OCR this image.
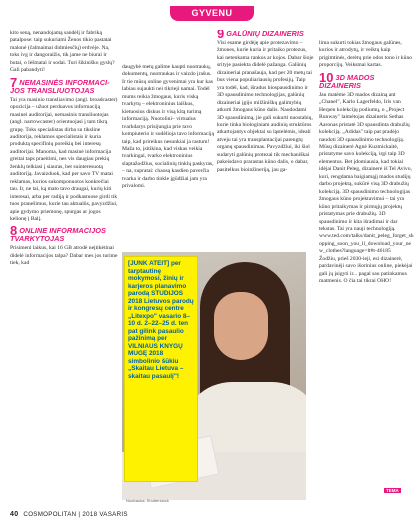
GYVENU

kito seną, nenandojamą sandėlį ir fabriką patalpose: taip sukuriami Ženos tikio pastatai malonė (čalmaimai didmiesčių) erdvėje. Na, toks ivg ir dangoraižis, tik jame ne biurai ir butai, o lėšmatai ir sodai. Turi šikiniško gyslų? Gali pabandyti!

7 NEMASINĖS INFORMACI-JOS TRANSLIUOTOJAS

Tai yra masinio transliavimo (angl. broadcaster) opozicija – užuot perduavus informaciją masinei auditorijai, nemasinis transliuotojas (angl. narrowcaster) orientuojasi į tam tikrą grupę. Toks specialistas dirba su tiksline auditorija, reklamos specialistais ir kuria produktą specifinių poreikių bei interesų auditorijai. Manoma, kad masinė informacija greitai taps praeitimi, nes vis daugiau prekių ženklų telkiasi į siauras, bet suinteresuotą auditoriją. Javaizduok, kad per savo TV matai reklamas, kurios sukomponuotos konkrečiai tau. Ir, ne tai, ką mato tavo draugai, kurių kiti interesai, arba per radiją ir podkastuose girdi tik tuos pranešimus, kurie tau aktualūs, pavyzdžiui, apie gydymo priemonę, spurgas ar jogos kelionę į Balį.

8 ONLINE INFORMACIJOS TVARKYTOJAS

Prisimeni laikus, kai 16 GB atrodė neįtikėtinai didelė informacijos talpa? Dabar mes jos turime tiek, kad

daugybė metų galime kaupti nuotraukų, dokumentų, nuotraukas ir vaizdo įrašus. Ir tie mūsų online gyvenimai yra kur kas labiau sujaukti nei tikrieji namai. Todėl mums reikia žmogaus, kuris viską tvarkytų – elektroninius laiškus, kietuosius diskus ir visą kitą turimą informaciją. Nuotolini– virtualus tvarkdarys prisijungia prie tavo kompiuterio ir sudėlioja tavo informaciją taip, kad prireikus nesunkiai ja rastum! Maža to, įsitikina, kad viskas veikia tvarkingai, tvarko elektroninius slaptažodžius, socialinių tinklų paskyras, – na, supratai: chaosą kasdien paverčia tvarka ir darbo tinkle įgūdžiai jam yra privalomi.

9 GALŪNIŲ DIZAINERIS

Visi esame girdėję apie protezavimo – žmones, kurie kuria ir pritaiko protezus, kai netenkama rankos ar kojos. Dabar šioje srityje pasiekta didelė pažanga. Galūnių dizaineriai pranašauja, kad per 20 metų tai bus viena populiariausių profesijų. Taip yra todėl, kad, išradus biospausdinimo ir 3D spausdinimo technologijas, galūnių dizaineriai įgijo milžiniškų galimybių atkurti žmogaus kūno dalis. Naudodami 3D spausdinimą, jie gali sukurti nuostabių, kurie tinka biologiniam audinių struktūros atkartojantys objektai su ląstelėmis, ideali atveju tai yra transplantacijai parengtų organų spausdinimas. Pavyzdžiui, iki šiol sudaryti galūnių protezai tik mechaniškai pakeisdavo prarastas kūno dalis, o dabar, pasitelkus bioinžineriją, jau ga-

lima sukurti tokias žmogaus galūnes, kurios ir atrodytų, ir veiktų kaip prigimtinės, derėtų prie odos tono ir kūno proporcijų. Veiksmai kartas.

10 3D MADOS DIZAINERIS

Jau matėme 3D mados dizainą ant „Chanel", Karlo Lagerfeldo, Iris van Herpen kolekcijų podiumų, o „Project Runway" laimėtojas dizaineris Sethas Aaronas pristatė 3D spausdinta drabužių kolekciją. „Adidas" taip pat pradėjo naudoti 3D spausdinimo technologiją. Mūsų dizainerė Agnė Kuzmickaitė, pristatyme savo kolekciją, irgi taip 3D elementus. Bet įdomiausia, kad tokiai idėjai Danit Peleg, dizainerė iš Tel Avivo, kuri, rengdama baigiamąjį mados studijų darbo projektą, sukūrė visą 3D drabužių kolekciją. 3D spausdinimo technologijas žmogaus kūno projektavimui – tai yra kūno pritaikymas ir pirmųjų projektų pristatymas prie drabužių. 3D spausdinimo ir kita išradimai ir dar tekstas. Tai yra nauji technologiją.

www.ted.com/talks/danit_peleg_forget_shopping_soon_you_ll_download_your_new_clothes?language=lt#t-46185

Žodžiu, prieš 2030-ieji, esi dizainerė, pardavinėji savo išorinius online, piekėjai gali jų įsigyti ir... pagal sau patinkamus matmenis. O čia tai tikrai OHO!

[JUNK ATEIT] per tarptautinę mokymosi, žinių ir karjeros planavimo parodą STUDIJOS 2018 Lietuvos parodų ir kongresų centre „Litexpo" vasario 8–10 d. 2–22–25 d. ten pat gilink pasaulio pažinimą per VILNIAUS KNYGŲ MUGĘ 2018 simbolinio šūkiu „Skaitau Lietuva – skaitau pasaulį"!
Nuotrauka: Shutterstock
TEMA
40 COSMOPOLITAN | 2018 VASARIS
